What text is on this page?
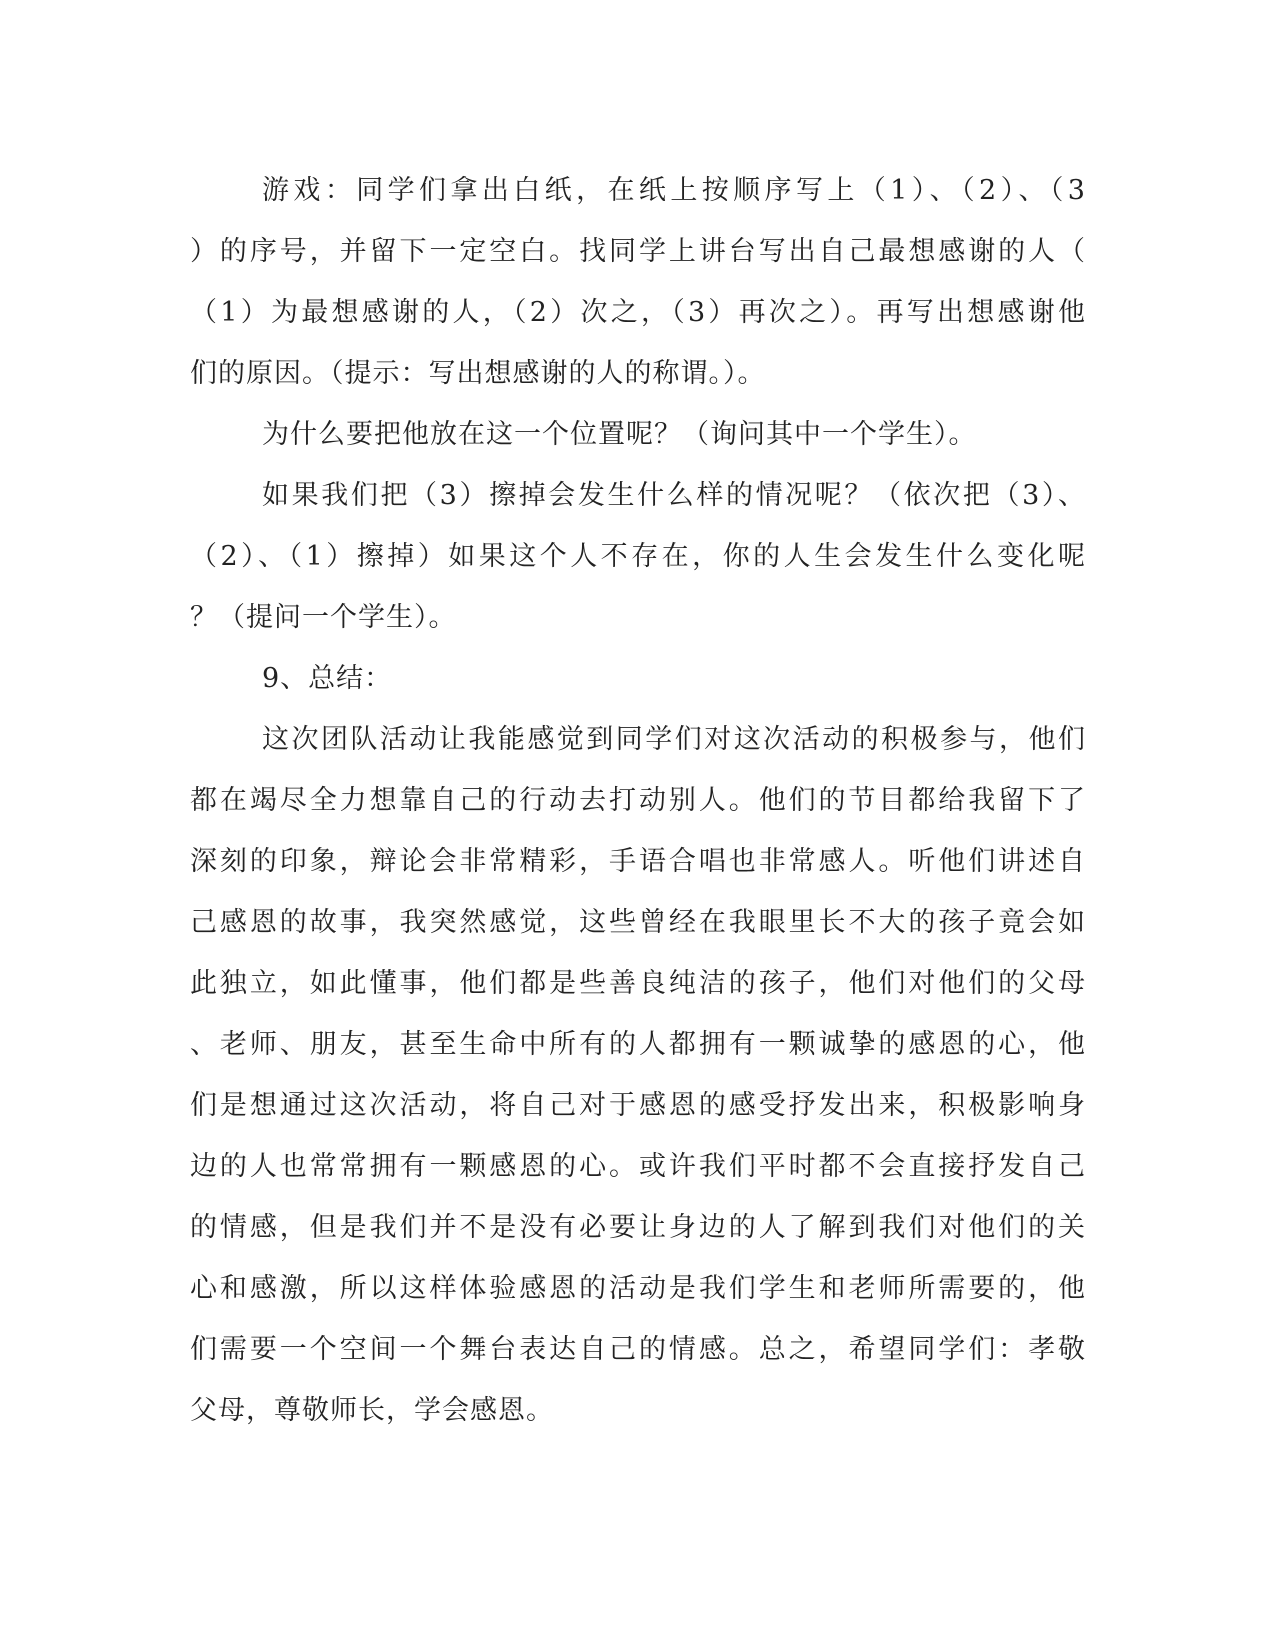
游戏：同学们拿出白纸，在纸上按顺序写上（1）、（2）、（3
）的序号，并留下一定空白。找同学上讲台写出自己最想感谢的人（
（1）为最想感谢的人，（2）次之，（3）再次之）。再写出想感谢他
们的原因。（提示：写出想感谢的人的称谓。）。
为什么要把他放在这一个位置呢？（询问其中一个学生）。
如果我们把（3）擦掉会发生什么样的情况呢？（依次把（3）、
（2）、（1）擦掉）如果这个人不存在，你的人生会发生什么变化呢
？（提问一个学生）。
9、总结：
这次团队活动让我能感觉到同学们对这次活动的积极参与，他们
都在竭尽全力想靠自己的行动去打动别人。他们的节目都给我留下了
深刻的印象，辩论会非常精彩，手语合唱也非常感人。听他们讲述自
己感恩的故事，我突然感觉，这些曾经在我眼里长不大的孩子竟会如
此独立，如此懂事，他们都是些善良纯洁的孩子，他们对他们的父母
、老师、朋友，甚至生命中所有的人都拥有一颗诚挚的感恩的心，他
们是想通过这次活动，将自己对于感恩的感受抒发出来，积极影响身
边的人也常常拥有一颗感恩的心。或许我们平时都不会直接抒发自己
的情感，但是我们并不是没有必要让身边的人了解到我们对他们的关
心和感激，所以这样体验感恩的活动是我们学生和老师所需要的，他
们需要一个空间一个舞台表达自己的情感。总之，希望同学们：孝敬
父母，尊敬师长，学会感恩。
